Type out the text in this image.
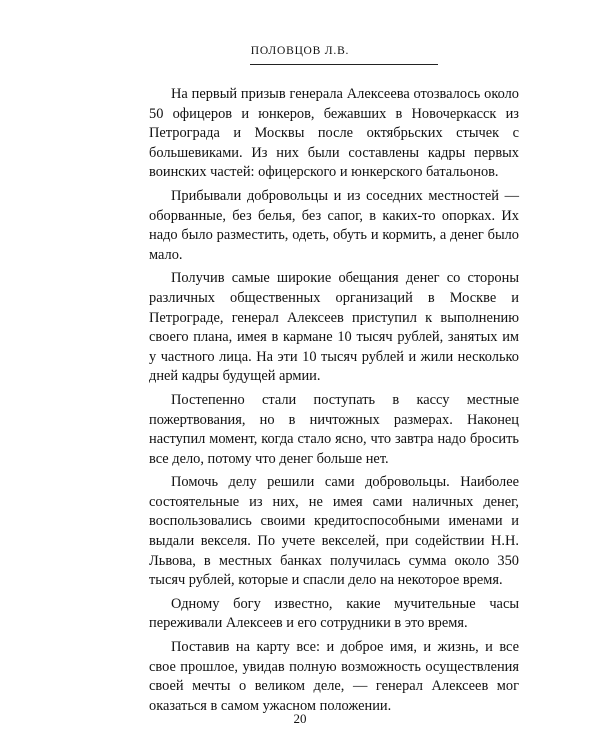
ПОЛОВЦОВ Л.В.

На первый призыв генерала Алексеева отозвалось около 50 офицеров и юнкеров, бежавших в Новочеркасск из Петрограда и Москвы после октябрьских стычек с большевиками. Из них были составлены кадры первых воинских частей: офицерского и юнкерского батальонов.

Прибывали добровольцы и из соседних местностей — оборванные, без белья, без сапог, в каких-то опорках. Их надо было разместить, одеть, обуть и кормить, а денег было мало.

Получив самые широкие обещания денег со стороны различных общественных организаций в Москве и Петрограде, генерал Алексеев приступил к выполнению своего плана, имея в кармане 10 тысяч рублей, занятых им у частного лица. На эти 10 тысяч рублей и жили несколько дней кадры будущей армии.

Постепенно стали поступать в кассу местные пожертвования, но в ничтожных размерах. Наконец наступил момент, когда стало ясно, что завтра надо бросить все дело, потому что денег больше нет.

Помочь делу решили сами добровольцы. Наиболее состоятельные из них, не имея сами наличных денег, воспользовались своими кредитоспособными именами и выдали векселя. По учете векселей, при содействии Н.Н. Львова, в местных банках получилась сумма около 350 тысяч рублей, которые и спасли дело на некоторое время.

Одному богу известно, какие мучительные часы переживали Алексеев и его сотрудники в это время.

Поставив на карту все: и доброе имя, и жизнь, и все свое прошлое, увидав полную возможность осуществления своей мечты о великом деле, — генерал Алексеев мог оказаться в самом ужасном положении.

20
